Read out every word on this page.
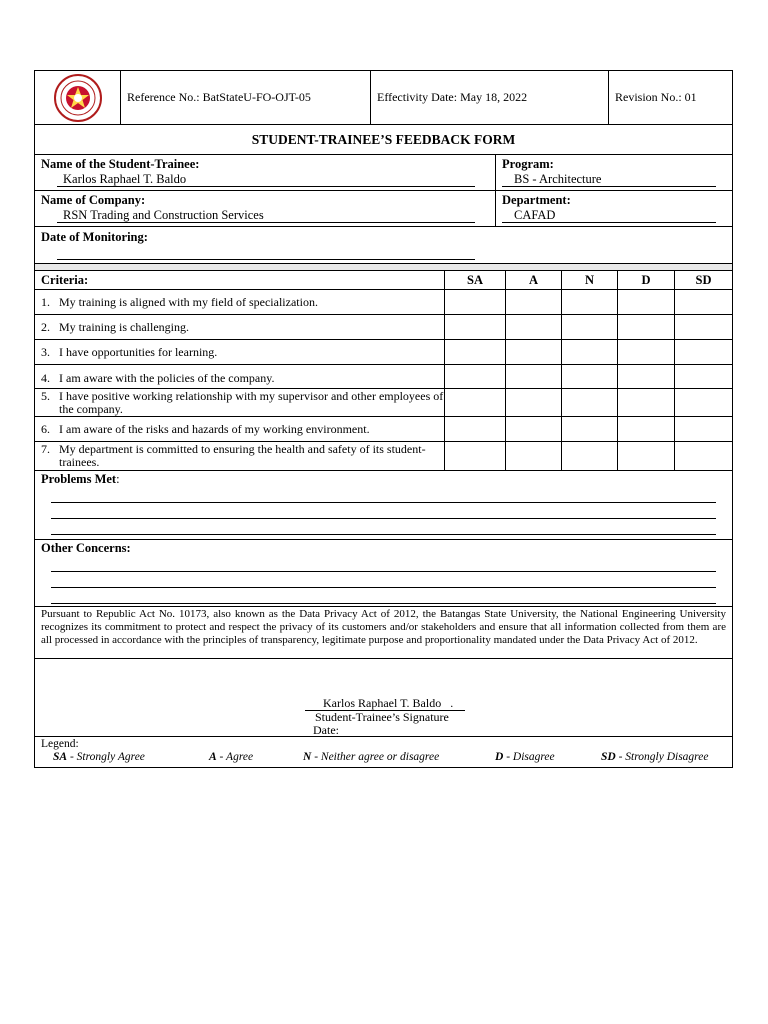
Reference No.: BatStateU-FO-OJT-05	Effectivity Date: May 18, 2022	Revision No.: 01
STUDENT-TRAINEE’S FEEDBACK FORM
Name of the Student-Trainee:
Karlos Raphael T. Baldo
Program:
BS - Architecture
Name of Company:
RSN Trading and Construction Services
Department:
CAFAD
Date of Monitoring:
Criteria:	SA	A	N	D	SD
1. My training is aligned with my field of specialization.
2. My training is challenging.
3. I have opportunities for learning.
4. I am aware with the policies of the company.
5. I have positive working relationship with my supervisor and other employees of the company.
6. I am aware of the risks and hazards of my working environment.
7. My department is committed to ensuring the health and safety of its student-trainees.
Problems Met:
Other Concerns:
Pursuant to Republic Act No. 10173, also known as the Data Privacy Act of 2012, the Batangas State University, the National Engineering University recognizes its commitment to protect and respect the privacy of its customers and/or stakeholders and ensure that all information collected from them are all processed in accordance with the principles of transparency, legitimate purpose and proportionality mandated under the Data Privacy Act of 2012.
Karlos Raphael T. Baldo .
Student-Trainee’s Signature
Date:
Legend:
SA - Strongly Agree	A - Agree	N - Neither agree or disagree	D - Disagree	SD - Strongly Disagree
